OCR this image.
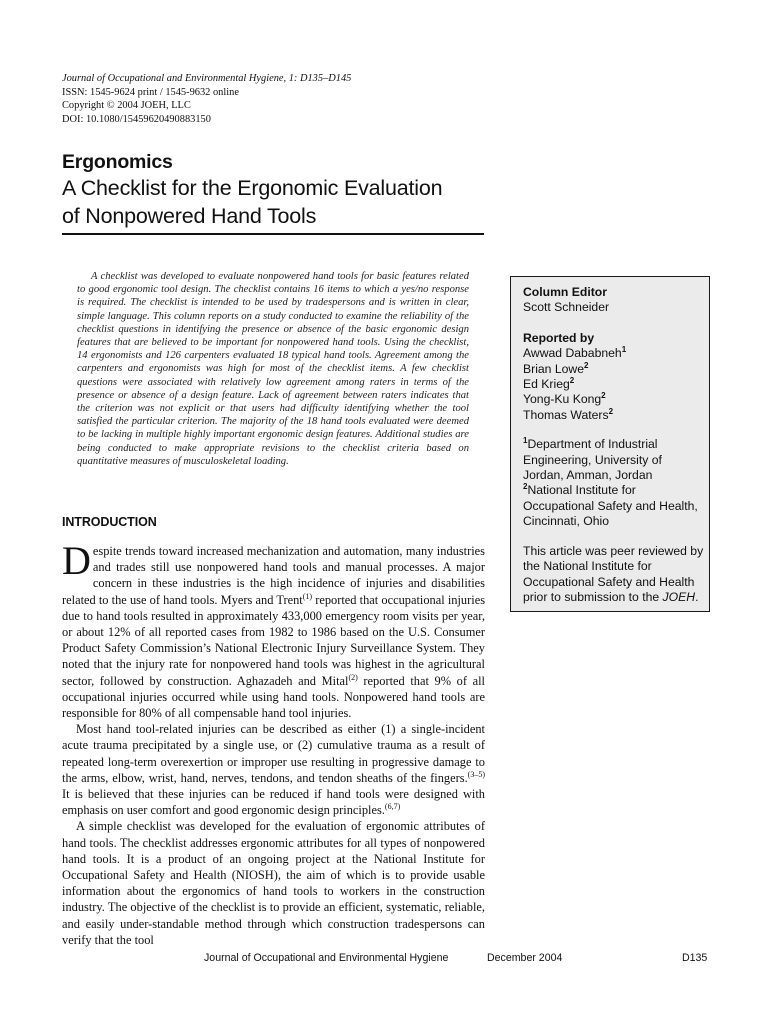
Journal of Occupational and Environmental Hygiene, 1: D135–D145
ISSN: 1545-9624 print / 1545-9632 online
Copyright © 2004 JOEH, LLC
DOI: 10.1080/15459620490883150
Ergonomics
A Checklist for the Ergonomic Evaluation
of Nonpowered Hand Tools

A checklist was developed to evaluate nonpowered hand tools for basic features related to good ergonomic tool design. The checklist contains 16 items to which a yes/no response is required. The checklist is intended to be used by tradespersons and is written in clear, simple language. This column reports on a study conducted to examine the reliability of the checklist questions in identifying the presence or absence of the basic ergonomic design features that are believed to be important for nonpowered hand tools. Using the checklist, 14 ergonomists and 126 carpenters evaluated 18 typical hand tools. Agreement among the carpenters and ergonomists was high for most of the checklist items. A few checklist questions were associated with relatively low agreement among raters in terms of the presence or absence of a design feature. Lack of agreement between raters indicates that the criterion was not explicit or that users had difficulty identifying whether the tool satisfied the particular criterion. The majority of the 18 hand tools evaluated were deemed to be lacking in multiple highly important ergonomic design features. Additional studies are being conducted to make appropriate revisions to the checklist criteria based on quantitative measures of musculoskeletal loading.

INTRODUCTION

Despite trends toward increased mechanization and automation, many industries and trades still use nonpowered hand tools and manual processes. A major concern in these industries is the high incidence of injuries and disabilities related to the use of hand tools. Myers and Trent$^{(1)}$ reported that occupational injuries due to hand tools resulted in approximately 433,000 emergency room visits per year, or about 12% of all reported cases from 1982 to 1986 based on the U.S. Consumer Product Safety Commission’s National Electronic Injury Surveillance System. They noted that the injury rate for nonpowered hand tools was highest in the agricultural sector, followed by construction. Aghazadeh and Mital$^{(2)}$ reported that 9% of all occupational injuries occurred while using hand tools. Nonpowered hand tools are responsible for 80% of all compensable hand tool injuries.

Most hand tool-related injuries can be described as either (1) a single-incident acute trauma precipitated by a single use, or (2) cumulative trauma as a result of repeated long-term overexertion or improper use resulting in progressive damage to the arms, elbow, wrist, hand, nerves, tendons, and tendon sheaths of the fingers.$^{(3-5)}$ It is believed that these injuries can be reduced if hand tools were designed with emphasis on user comfort and good ergonomic design principles.$^{(6,7)}$

A simple checklist was developed for the evaluation of ergonomic attributes of hand tools. The checklist addresses ergonomic attributes for all types of nonpowered hand tools. It is a product of an ongoing project at the National Institute for Occupational Safety and Health (NIOSH), the aim of which is to provide usable information about the ergonomics of hand tools to workers in the construction industry. The objective of the checklist is to provide an efficient, systematic, reliable, and easily under-standable method through which construction tradespersons can verify that the tool

Column Editor
Scott Schneider
Reported by
Awwad Dababneh$^1$
Brian Lowe$^2$
Ed Krieg$^2$
Yong-Ku Kong$^2$
Thomas Waters$^2$
$^1$Department of Industrial
Engineering, University of
Jordan, Amman, Jordan
$^2$National Institute for
Occupational Safety and Health,
Cincinnati, Ohio
This article was peer reviewed by
the National Institute for
Occupational Safety and Health
prior to submission to the JOEH.
Journal of Occupational and Environmental Hygiene	December 2004	D135
